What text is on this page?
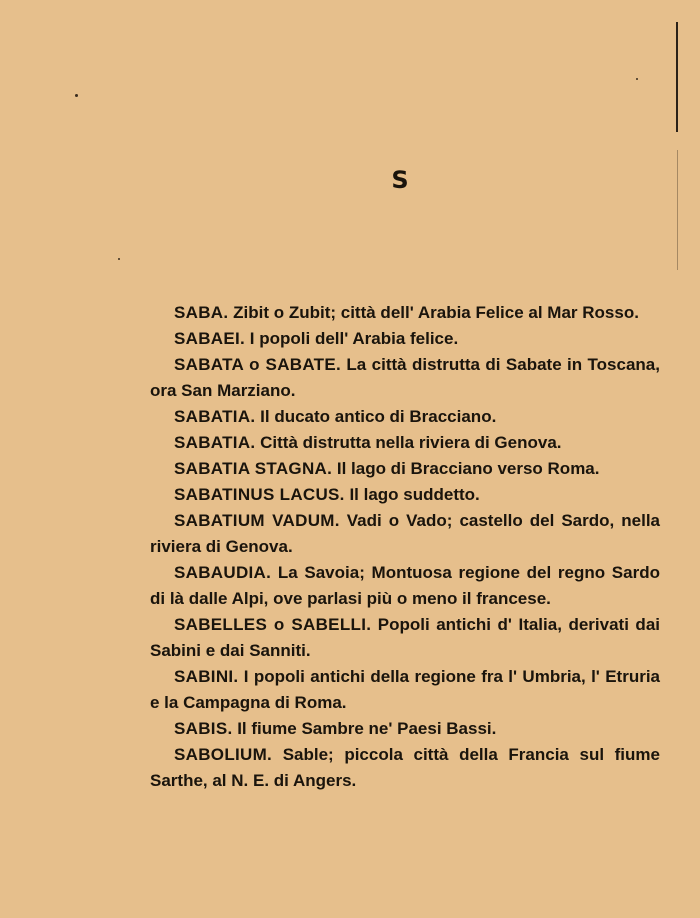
S

SABA. Zibit o Zubit; città dell' Arabia Felice al Mar Rosso.

SABAEI. I popoli dell' Arabia felice.

SABATA o SABATE. La città distrutta di Sabate in Toscana, ora San Marziano.

SABATIA. Il ducato antico di Bracciano.

SABATIA. Città distrutta nella riviera di Genova.

SABATIA STAGNA. Il lago di Bracciano verso Roma.

SABATINUS LACUS. Il lago suddetto.

SABATIUM VADUM. Vadi o Vado; castello del Sardo, nella riviera di Genova.

SABAUDIA. La Savoia; Montuosa regione del regno Sardo di là dalle Alpi, ove parlasi più o meno il francese.

SABELLES o SABELLI. Popoli antichi d' Italia, derivati dai Sabini e dai Sanniti.

SABINI. I popoli antichi della regione fra l' Umbria, l' Etruria e la Campagna di Roma.

SABIS. Il fiume Sambre ne' Paesi Bassi.

SABOLIUM. Sable; piccola città della Francia sul fiume Sarthe, al N. E. di Angers.
